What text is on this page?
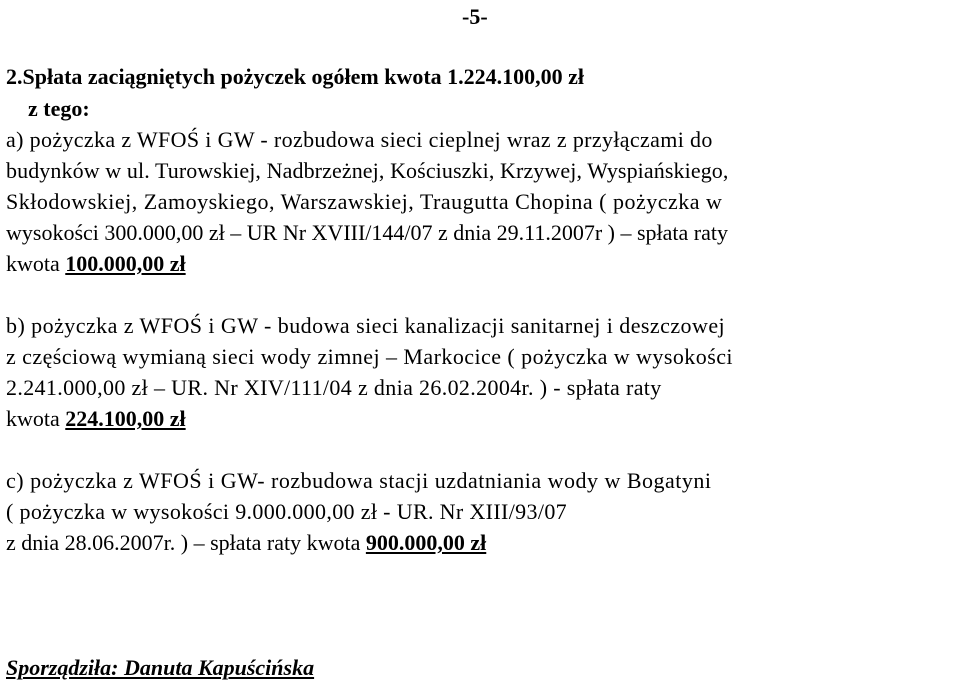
-5-
2.Spłata zaciągniętych pożyczek ogółem kwota 1.224.100,00 zł
z tego:
a) pożyczka z WFOŚ i GW - rozbudowa sieci cieplnej wraz z przyłączami do
budynków w ul. Turowskiej, Nadbrzeżnej, Kościuszki, Krzywej, Wyspiańskiego,
Skłodowskiej, Zamoyskiego, Warszawskiej, Traugutta Chopina ( pożyczka w
wysokości 300.000,00 zł – UR Nr XVIII/144/07 z dnia 29.11.2007r ) – spłata raty
kwota 100.000,00 zł
b) pożyczka z WFOŚ i GW - budowa sieci kanalizacji sanitarnej i deszczowej
z częściową wymianą sieci wody zimnej – Markocice ( pożyczka w wysokości
2.241.000,00 zł – UR. Nr XIV/111/04 z dnia 26.02.2004r. ) - spłata raty
kwota 224.100,00 zł
c) pożyczka z WFOŚ i GW- rozbudowa stacji uzdatniania wody w Bogatyni
( pożyczka w wysokości 9.000.000,00 zł - UR. Nr XIII/93/07
z dnia 28.06.2007r. ) – spłata raty kwota 900.000,00 zł
Sporządziła: Danuta Kapuścińska
